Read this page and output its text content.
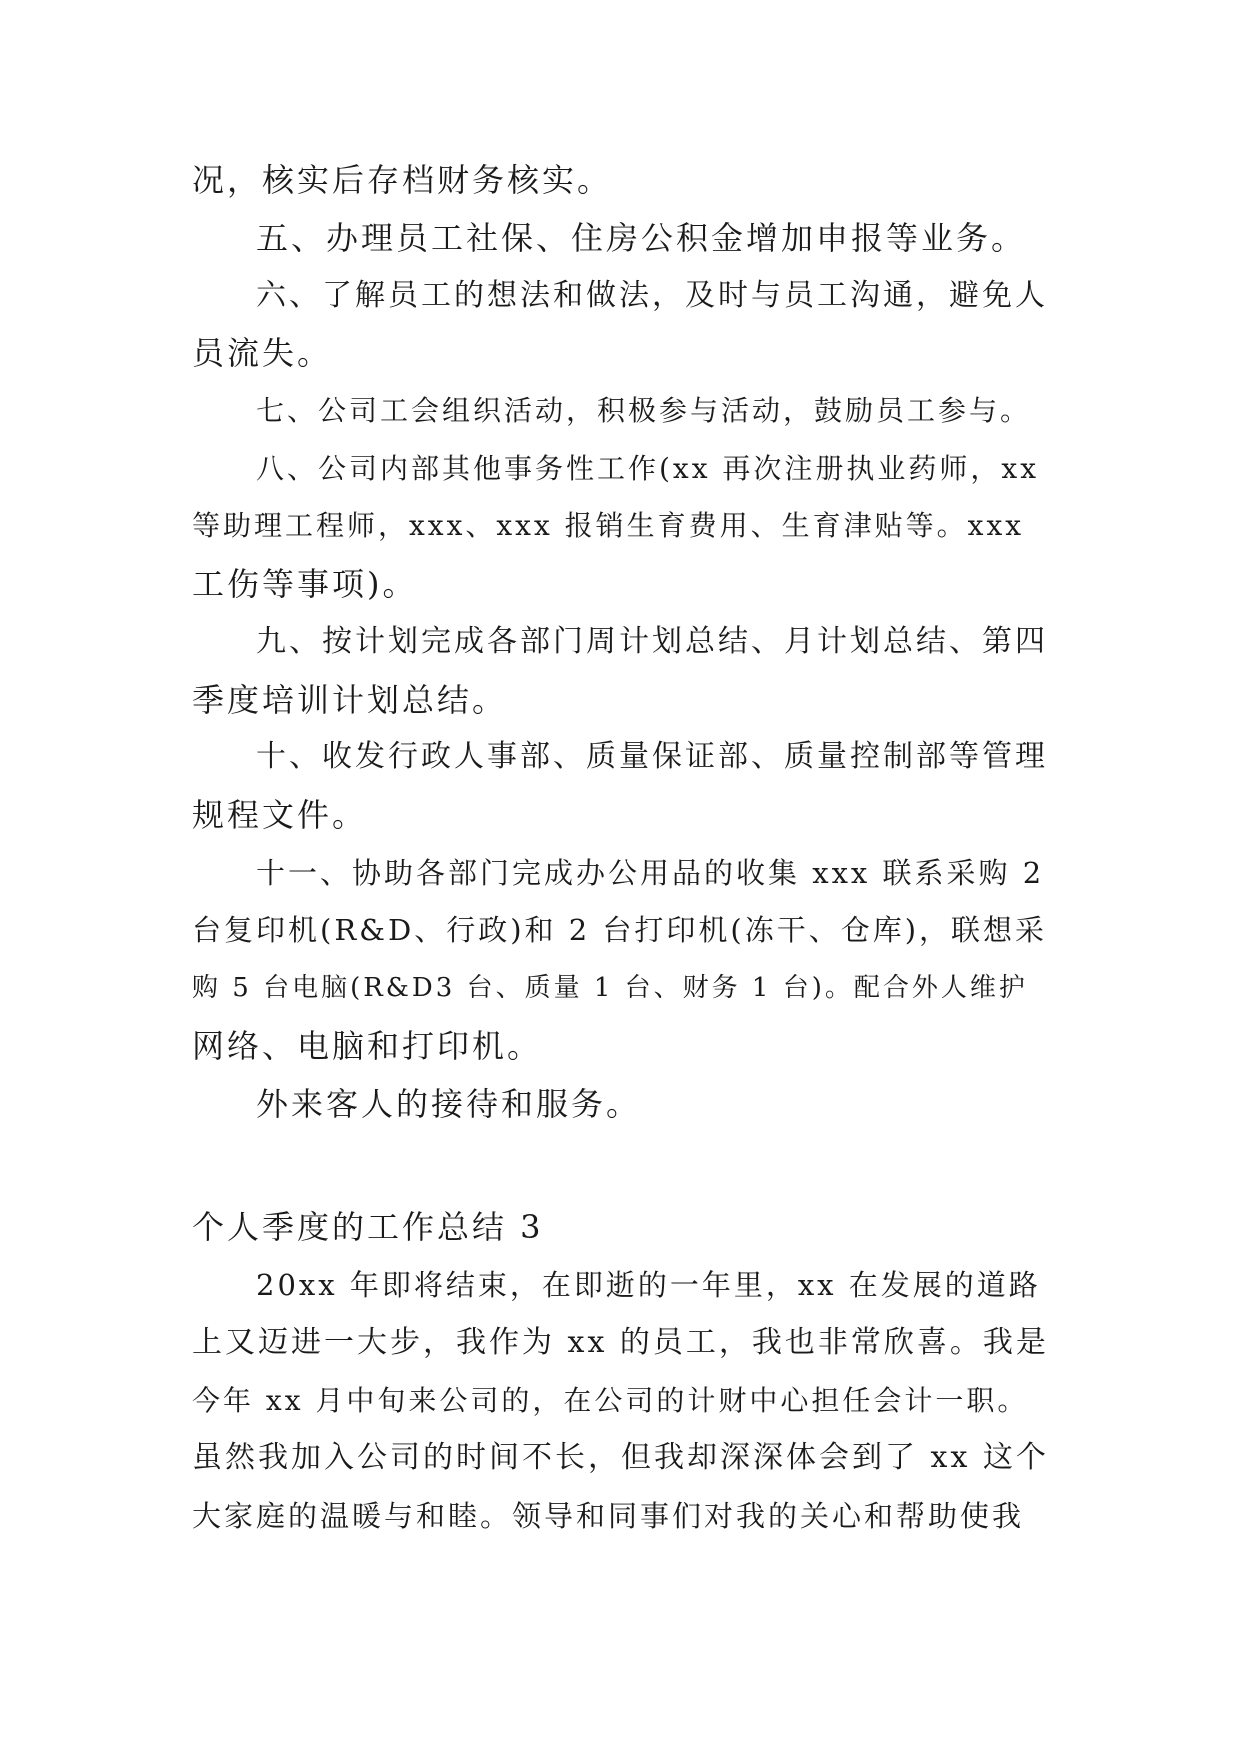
况，核实后存档财务核实。
五、办理员工社保、住房公积金增加申报等业务。
六、了解员工的想法和做法，及时与员工沟通，避免人
员流失。
七、公司工会组织活动，积极参与活动，鼓励员工参与。
八、公司内部其他事务性工作(xx 再次注册执业药师，xx
等助理工程师，xxx、xxx 报销生育费用、生育津贴等。xxx
工伤等事项)。
九、按计划完成各部门周计划总结、月计划总结、第四
季度培训计划总结。
十、收发行政人事部、质量保证部、质量控制部等管理
规程文件。
十一、协助各部门完成办公用品的收集 xxx 联系采购 2
台复印机(R&D、行政)和 2 台打印机(冻干、仓库)，联想采
购 5 台电脑(R&D3 台、质量 1 台、财务 1 台)。配合外人维护
网络、电脑和打印机。
外来客人的接待和服务。
个人季度的工作总结 3
20xx 年即将结束，在即逝的一年里，xx 在发展的道路
上又迈进一大步，我作为 xx 的员工，我也非常欣喜。我是
今年 xx 月中旬来公司的，在公司的计财中心担任会计一职。
虽然我加入公司的时间不长，但我却深深体会到了 xx 这个
大家庭的温暖与和睦。领导和同事们对我的关心和帮助使我
